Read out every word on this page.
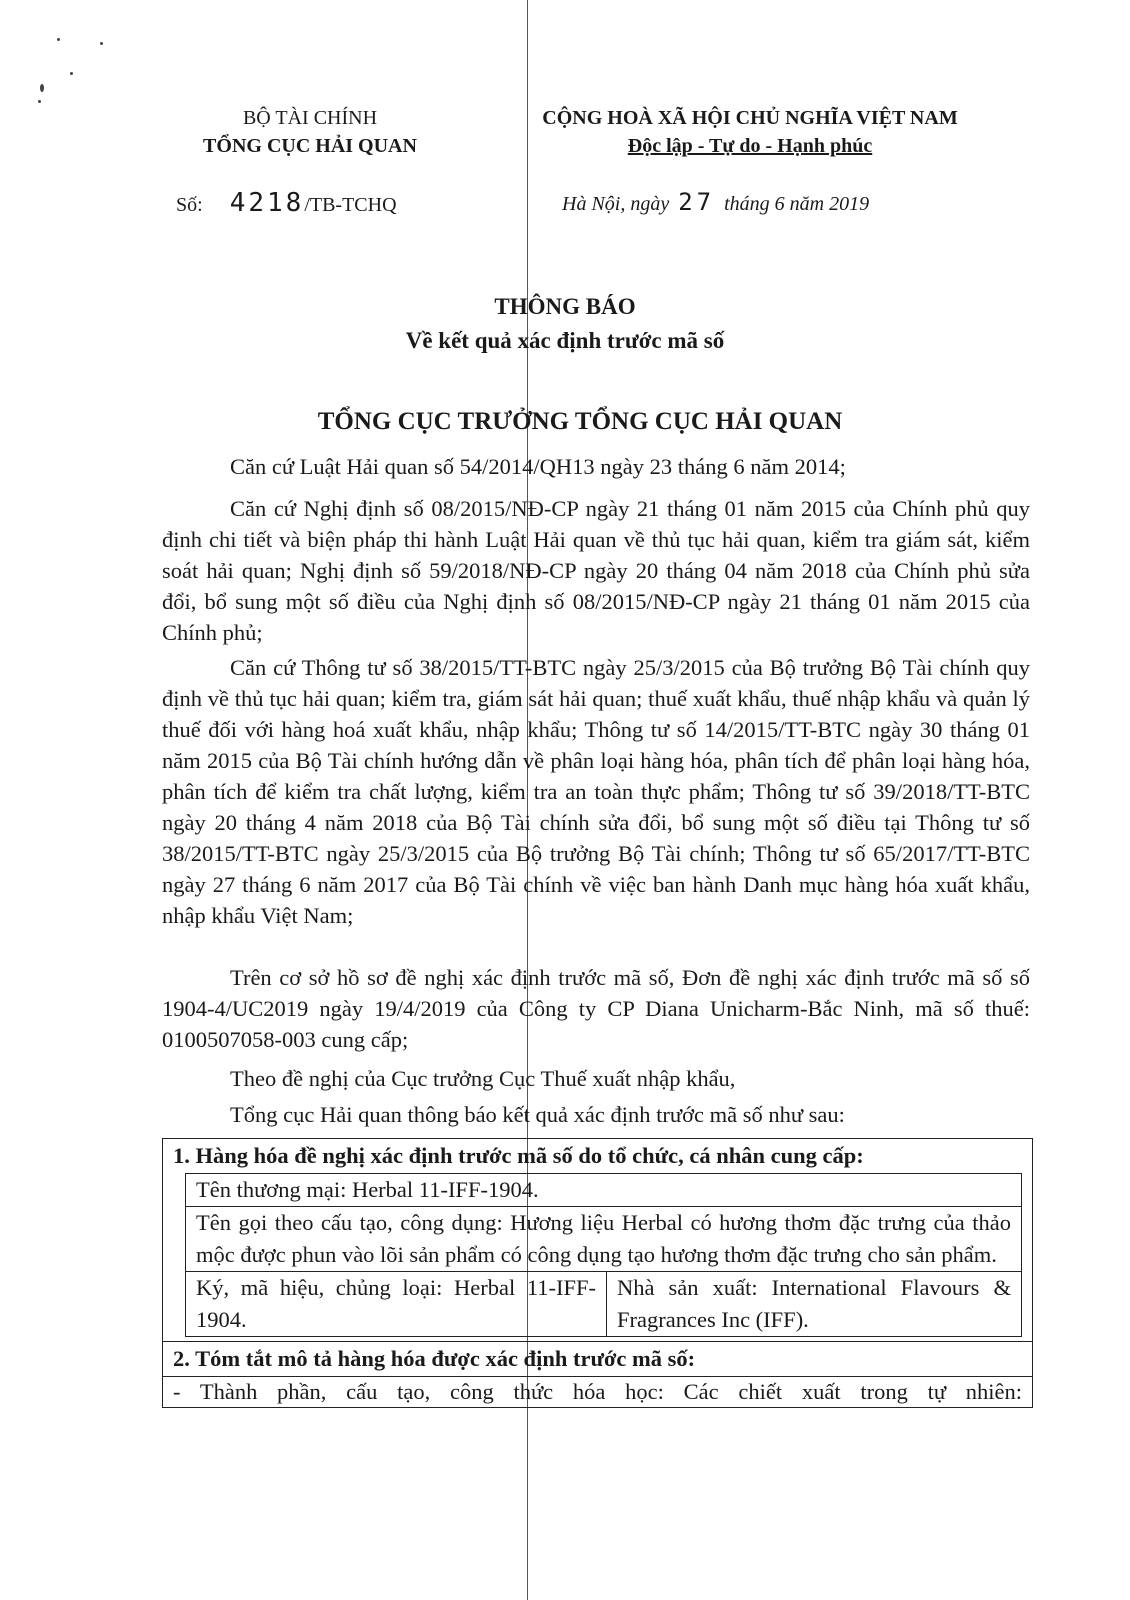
BỘ TÀI CHÍNH
TỔNG CỤC HẢI QUAN
CỘNG HOÀ XÃ HỘI CHỦ NGHĨA VIỆT NAM
Độc lập - Tự do - Hạnh phúc
Số: 4218/TB-TCHQ	Hà Nội, ngày 27 tháng 6 năm 2019
THÔNG BÁO
Về kết quả xác định trước mã số
TỔNG CỤC TRƯỞNG TỔNG CỤC HẢI QUAN
Căn cứ Luật Hải quan số 54/2014/QH13 ngày 23 tháng 6 năm 2014;
Căn cứ Nghị định số 08/2015/NĐ-CP ngày 21 tháng 01 năm 2015 của Chính phủ quy định chi tiết và biện pháp thi hành Luật Hải quan về thủ tục hải quan, kiểm tra giám sát, kiểm soát hải quan; Nghị định số 59/2018/NĐ-CP ngày 20 tháng 04 năm 2018 của Chính phủ sửa đổi, bổ sung một số điều của Nghị định số 08/2015/NĐ-CP ngày 21 tháng 01 năm 2015 của Chính phủ;
Căn cứ Thông tư số 38/2015/TT-BTC ngày 25/3/2015 của Bộ trưởng Bộ Tài chính quy định về thủ tục hải quan; kiểm tra, giám sát hải quan; thuế xuất khẩu, thuế nhập khẩu và quản lý thuế đối với hàng hoá xuất khẩu, nhập khẩu; Thông tư số 14/2015/TT-BTC ngày 30 tháng 01 năm 2015 của Bộ Tài chính hướng dẫn về phân loại hàng hóa, phân tích để phân loại hàng hóa, phân tích để kiểm tra chất lượng, kiểm tra an toàn thực phẩm; Thông tư số 39/2018/TT-BTC ngày 20 tháng 4 năm 2018 của Bộ Tài chính sửa đổi, bổ sung một số điều tại Thông tư số 38/2015/TT-BTC ngày 25/3/2015 của Bộ trưởng Bộ Tài chính; Thông tư số 65/2017/TT-BTC ngày 27 tháng 6 năm 2017 của Bộ Tài chính về việc ban hành Danh mục hàng hóa xuất khẩu, nhập khẩu Việt Nam;
Trên cơ sở hồ sơ đề nghị xác định trước mã số, Đơn đề nghị xác định trước mã số số 1904-4/UC2019 ngày 19/4/2019 của Công ty CP Diana Unicharm-Bắc Ninh, mã số thuế: 0100507058-003 cung cấp;
Theo đề nghị của Cục trưởng Cục Thuế xuất nhập khẩu,
Tổng cục Hải quan thông báo kết quả xác định trước mã số như sau:
1. Hàng hóa đề nghị xác định trước mã số do tổ chức, cá nhân cung cấp:
Tên thương mại: Herbal 11-IFF-1904.
Tên gọi theo cấu tạo, công dụng: Hương liệu Herbal có hương thơm đặc trưng của thảo mộc được phun vào lõi sản phẩm có công dụng tạo hương thơm đặc trưng cho sản phẩm.
Ký, mã hiệu, chủng loại: Herbal 11-IFF-1904.
Nhà sản xuất: International Flavours & Fragrances Inc (IFF).
2. Tóm tắt mô tả hàng hóa được xác định trước mã số:
- Thành phần, cấu tạo, công thức hóa học: Các chiết xuất trong tự nhiên:
